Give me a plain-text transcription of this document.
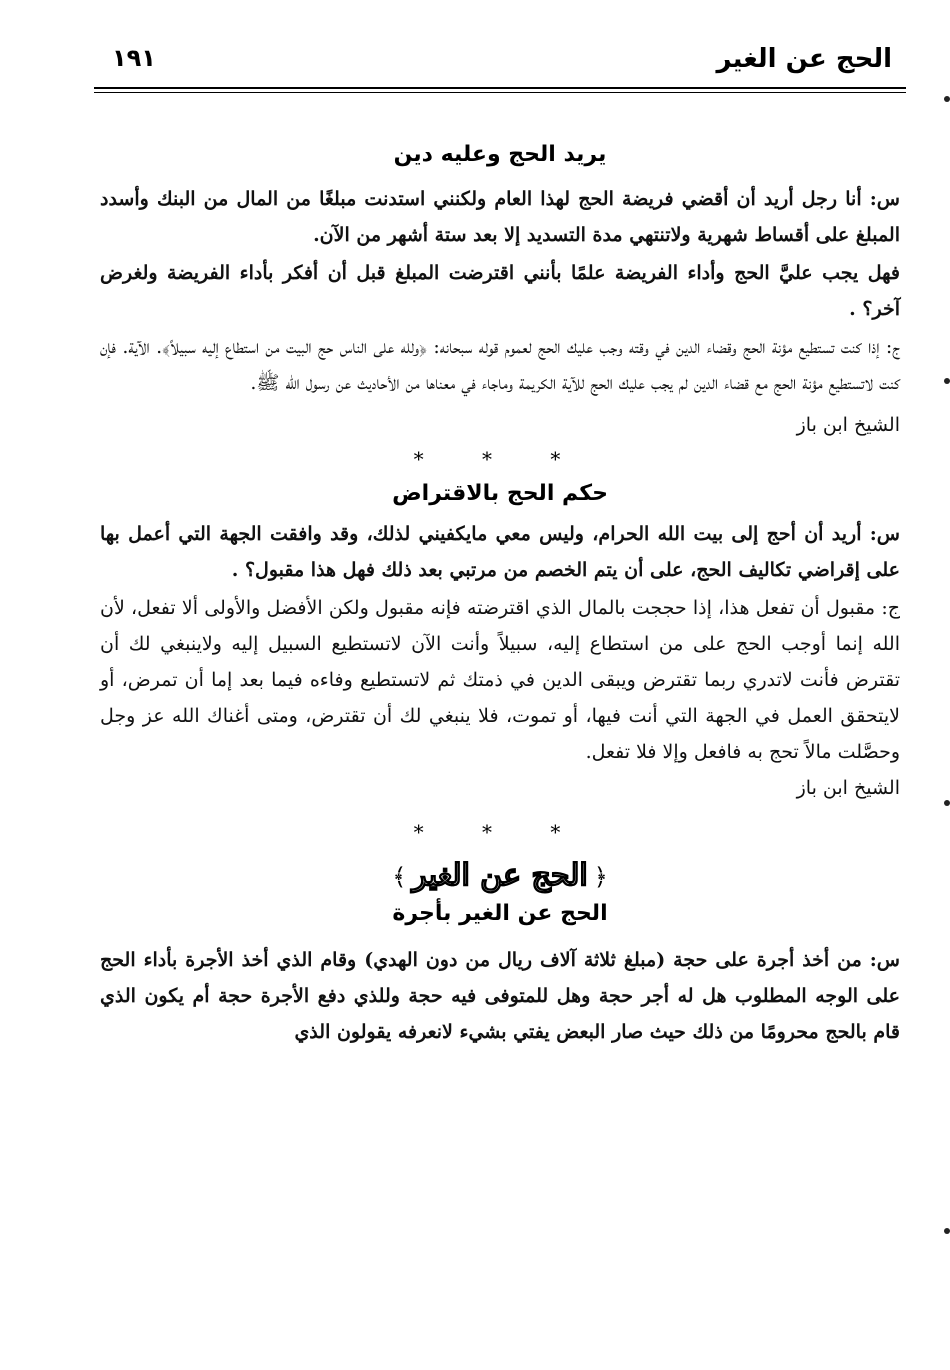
الحج عن الغير
١٩١
يريد الحج وعليه دين

س: أنا رجل أريد أن أقضي فريضة الحج لهذا العام ولكنني استدنت مبلغًا من المال من البنك وأسدد المبلغ على أقساط شهرية ولاتنتهي مدة التسديد إلا بعد ستة أشهر من الآن.

فهل يجب عليَّ الحج وأداء الفريضة علمًا بأنني اقترضت المبلغ قبل أن أفكر بأداء الفريضة ولغرض آخر؟ .

ج: إذا كنت تستطيع مؤنة الحج وقضاء الدين في وقته وجب عليك الحج لعموم قوله سبحانه: ﴿ولله على الناس حج البيت من استطاع إليه سبيلاً﴾. الآية. فإن كنت لاتستطيع مؤنة الحج مع قضاء الدين لم يجب عليك الحج للآية الكريمة وماجاء في معناها من الأحاديث عن رسول الله ﷺ.

الشيخ ابن باز

* * *

حكم الحج بالاقتراض

س: أريد أن أحج إلى بيت الله الحرام، وليس معي مايكفيني لذلك، وقد وافقت الجهة التي أعمل بها على إقراضي تكاليف الحج، على أن يتم الخصم من مرتبي بعد ذلك فهل هذا مقبول؟ .

ج: مقبول أن تفعل هذا، إذا حججت بالمال الذي اقترضته فإنه مقبول ولكن الأفضل والأولى ألا تفعل، لأن الله إنما أوجب الحج على من استطاع إليه، سبيلاً وأنت الآن لاتستطيع السبيل إليه ولاينبغي لك أن تقترض فأنت لاتدري ربما تقترض ويبقى الدين في ذمتك ثم لاتستطيع وفاءه فيما بعد إما أن تمرض، أو لايتحقق العمل في الجهة التي أنت فيها، أو تموت، فلا ينبغي لك أن تقترض، ومتى أغناك الله عز وجل وحصَّلت مالاً تحج به فافعل وإلا فلا تفعل.

الشيخ ابن باز

* * *

﴿الحج عن الغير﴾
الحج عن الغير بأجرة

س: من أخذ أجرة على حجة (مبلغ ثلاثة آلاف ريال من دون الهدي) وقام الذي أخذ الأجرة بأداء الحج على الوجه المطلوب هل له أجر حجة وهل للمتوفى فيه حجة وللذي دفع الأجرة حجة أم يكون الذي قام بالحج محرومًا من ذلك حيث صار البعض يفتي بشيء لانعرفه يقولون الذي
